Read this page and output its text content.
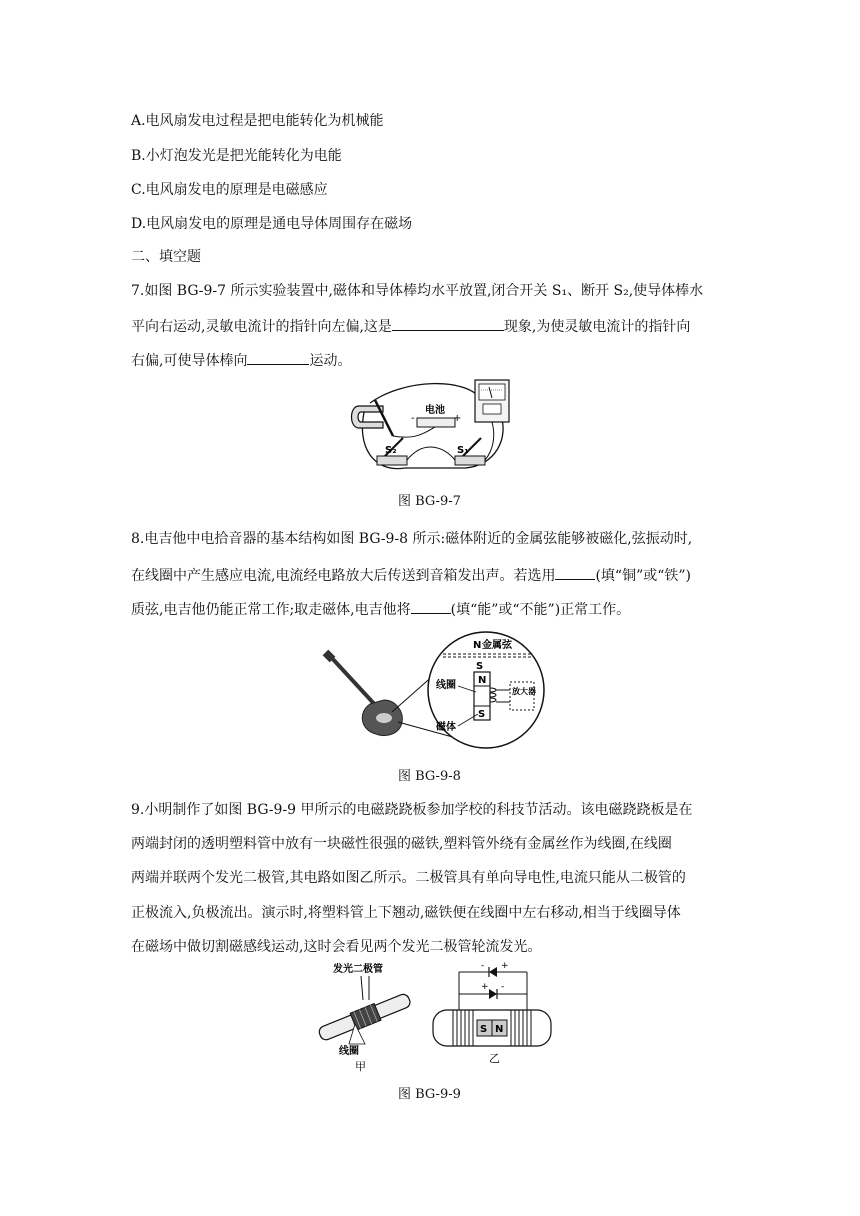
A.电风扇发电过程是把电能转化为机械能
B.小灯泡发光是把光能转化为电能
C.电风扇发电的原理是电磁感应
D.电风扇发电的原理是通电导体周围存在磁场
二、填空题
7.如图 BG-9-7 所示实验装置中,磁体和导体棒均水平放置,闭合开关 S₁、断开 S₂,使导体棒水
平向右运动,灵敏电流计的指针向左偏,这是	现象,为使灵敏电流计的指针向
右偏,可使导体棒向	运动。
电池
-	+
S₂	S₁
图 BG-9-7
8.电吉他中电拾音器的基本结构如图 BG-9-8 所示:磁体附近的金属弦能够被磁化,弦振动时,
在线圈中产生感应电流,电流经电路放大后传送到音箱发出声。若选用	(填“铜”或“铁”)
质弦,电吉他仍能正常工作;取走磁体,电吉他将	(填“能”或“不能”)正常工作。
N 金属弦
S
N
S
放大器
线圈
磁体
图 BG-9-8
9.小明制作了如图 BG-9-9 甲所示的电磁跷跷板参加学校的科技节活动。该电磁跷跷板是在
两端封闭的透明塑料管中放有一块磁性很强的磁铁,塑料管外绕有金属丝作为线圈,在线圈
两端并联两个发光二极管,其电路如图乙所示。二极管具有单向导电性,电流只能从二极管的
正极流入,负极流出。演示时,将塑料管上下翘动,磁铁便在线圈中左右移动,相当于线圈导体
在磁场中做切割磁感线运动,这时会看见两个发光二极管轮流发光。
发光二极管
线圈
甲
S N
- +
+ -
乙
图 BG-9-9
